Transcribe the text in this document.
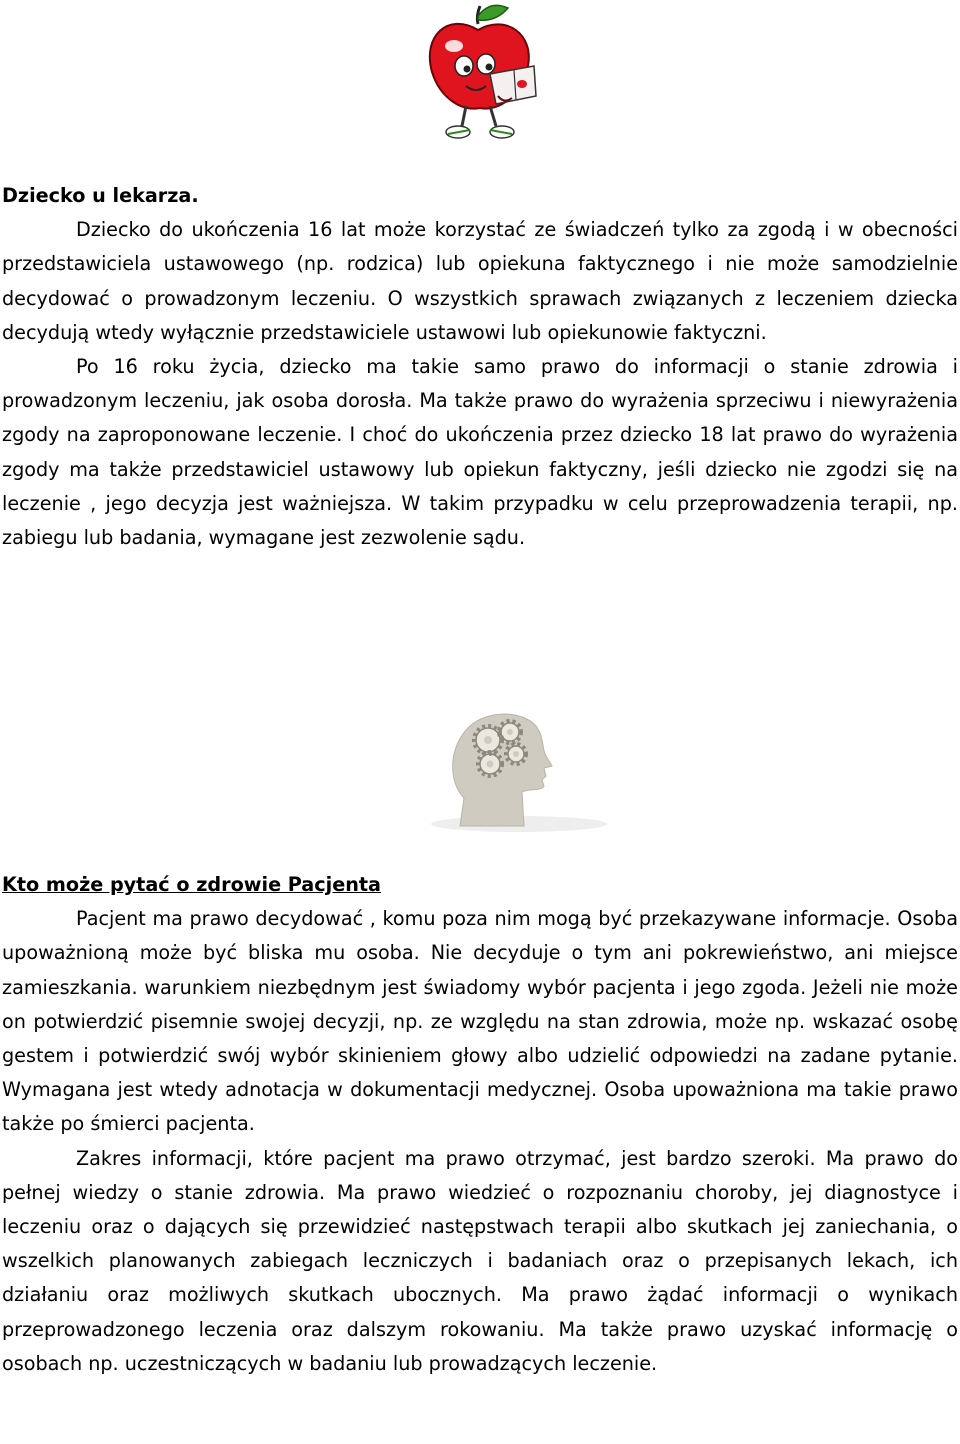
Dziecko u lekarza.

Dziecko do ukończenia 16 lat może korzystać ze świadczeń tylko za zgodą i w obecności przedstawiciela ustawowego (np. rodzica) lub opiekuna faktycznego i nie może samodzielnie decydować o prowadzonym leczeniu. O wszystkich sprawach związanych z leczeniem dziecka decydują wtedy wyłącznie przedstawiciele ustawowi lub opiekunowie faktyczni.

Po 16 roku życia, dziecko ma takie samo prawo do informacji o stanie zdrowia i prowadzonym leczeniu, jak osoba dorosła. Ma także prawo do wyrażenia sprzeciwu i niewyrażenia zgody na zaproponowane leczenie. I choć do ukończenia przez dziecko 18 lat prawo do wyrażenia zgody ma także przedstawiciel ustawowy lub opiekun faktyczny, jeśli dziecko nie zgodzi się na leczenie , jego decyzja jest ważniejsza. W takim przypadku w celu przeprowadzenia terapii, np. zabiegu lub badania, wymagane jest zezwolenie sądu.

Kto może pytać o zdrowie Pacjenta

Pacjent ma prawo decydować , komu poza nim mogą być przekazywane informacje. Osoba upoważnioną może być bliska mu osoba. Nie decyduje o tym ani pokrewieństwo, ani miejsce zamieszkania. warunkiem niezbędnym jest świadomy wybór pacjenta i jego zgoda. Jeżeli nie może on potwierdzić pisemnie swojej decyzji, np. ze względu na stan zdrowia, może np. wskazać osobę gestem i potwierdzić swój wybór skinieniem głowy albo udzielić odpowiedzi na zadane pytanie. Wymagana jest wtedy adnotacja w dokumentacji medycznej. Osoba upoważniona ma takie prawo także po śmierci pacjenta.

Zakres informacji, które pacjent ma prawo otrzymać, jest bardzo szeroki. Ma prawo do pełnej wiedzy o stanie zdrowia. Ma prawo wiedzieć o rozpoznaniu choroby, jej diagnostyce i leczeniu oraz o dających się przewidzieć następstwach terapii albo skutkach jej zaniechania, o wszelkich planowanych zabiegach leczniczych i badaniach oraz o przepisanych lekach, ich działaniu oraz możliwych skutkach ubocznych. Ma prawo żądać informacji o wynikach przeprowadzonego leczenia oraz dalszym rokowaniu. Ma także prawo uzyskać informację o osobach np. uczestniczących w badaniu lub prowadzących leczenie.
